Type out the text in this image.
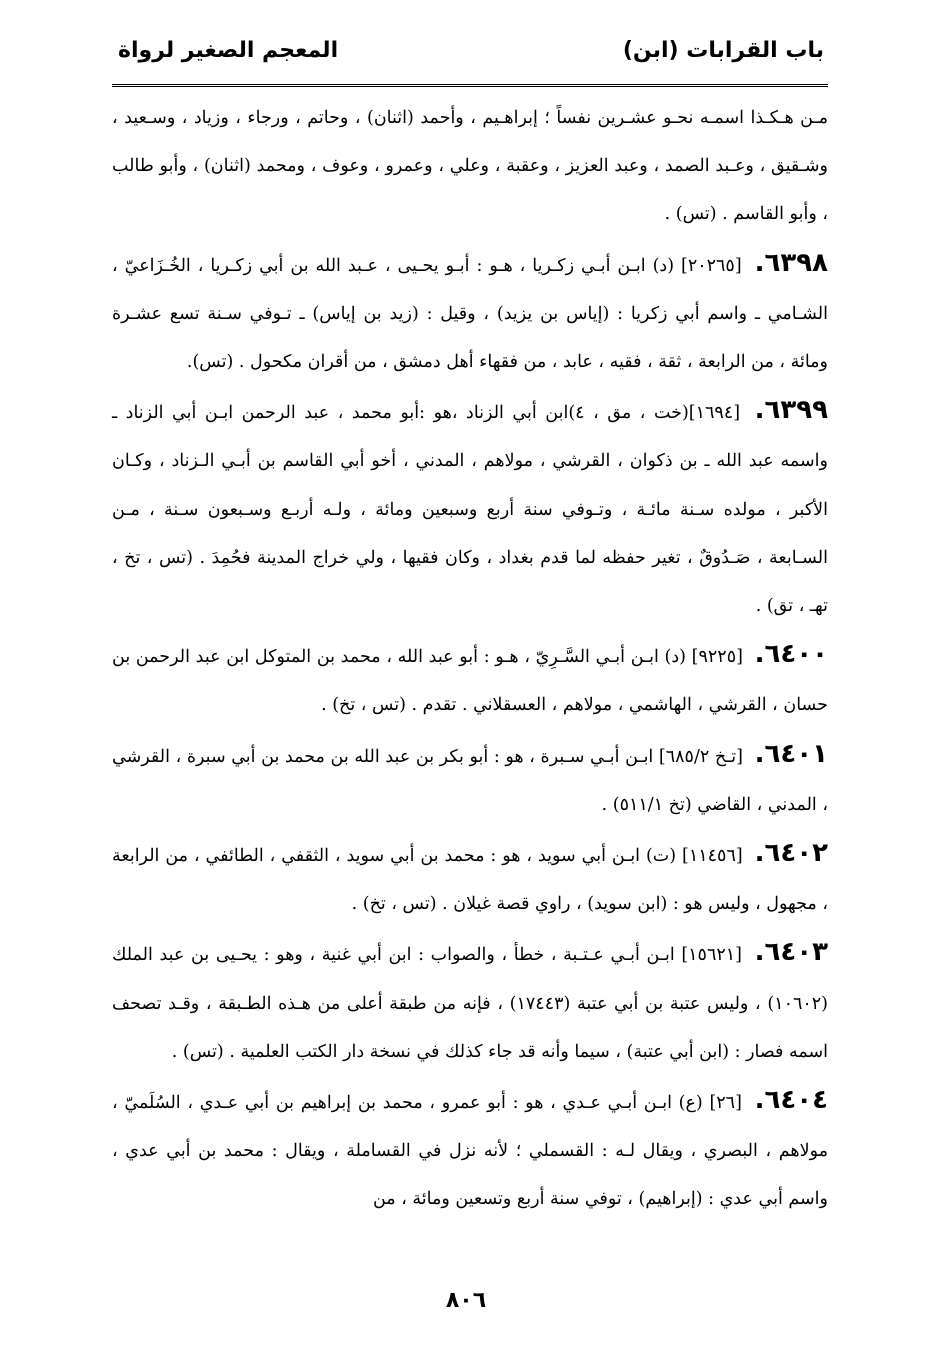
باب القرابات (ابن)
المعجم الصغير لرواة

مـن هـكـذا اسمـه نحـو عشـرين نفساً ؛ إبراهـيم ، وأحمد (اثنان) ، وحاتم ، ورجاء ، وزياد ، وسـعيد ، وشـقيق ، وعـبد الصمد ، وعبد العزيز ، وعقبة ، وعلي ، وعمرو ، وعوف ، ومحمد (اثنان) ، وأبو طالب ، وأبو القاسم . (تس) .

٦٣٩٨. [٢٠٢٦٥] (د) ابـن أبـي زكـريا ، هـو : أبـو يحـيى ، عـبد الله بن أبي زكـريا ، الخُـزَاعيّ ، الشـامي ـ واسم أبي زكريا : (إياس بن يزيد) ، وقيل : (زيد بن إياس) ـ تـوفي سـنة تسع عشـرة ومائة ، من الرابعة ، ثقة ، فقيه ، عابد ، من فقهاء أهل دمشق ، من أقران مكحول . (تس).

٦٣٩٩. [١٦٩٤](خت ، مق ، ٤)ابن أبي الزناد ،هو :أبو محمد ، عبد الرحمن ابـن أبي الزناد ـ واسمه عبد الله ـ بن ذكوان ، القرشي ، مولاهم ، المدني ، أخو أبي القاسم بن أبـي الـزناد ، وكـان الأكبر ، مولده سـنة مائـة ، وتـوفي سنة أربع وسبعين ومائة ، ولـه أربـع وسـبعون سـنة ، مـن السـابعة ، صَـدُوقٌ ، تغير حفظه لما قدم بغداد ، وكان فقيها ، ولي خراج المدينة فحُمِدَ . (تس ، تخ ، تهـ ، تق) .

٦٤٠٠. [٩٢٢٥] (د) ابـن أبـي السَّـرِيّ ، هـو : أبو عبد الله ، محمد بن المتوكل ابن عبد الرحمن بن حسان ، القرشي ، الهاشمي ، مولاهم ، العسقلاني . تقدم . (تس ، تخ) .

٦٤٠١. [تـخ ٦٨٥/٢] ابـن أبـي سـبرة ، هو : أبو بكر بن عبد الله بن محمد بن أبي سبرة ، القرشي ، المدني ، القاضي (تخ ٥١١/١) .

٦٤٠٢. [١١٤٥٦] (ت) ابـن أبي سويد ، هو : محمد بن أبي سويد ، الثقفي ، الطائفي ، من الرابعة ، مجهول ، وليس هو : (ابن سويد) ، راوي قصة غيلان . (تس ، تخ) .

٦٤٠٣. [١٥٦٢١] ابـن أبـي عـتـبة ، خطأ ، والصواب : ابن أبي غنية ، وهو : يحـيى بن عبد الملك (١٠٦٠٢) ، وليس عتبة بن أبي عتبة (١٧٤٤٣) ، فإنه من طبقة أعلى من هـذه الطـبقة ، وقـد تصحف اسمه فصار : (ابن أبي عتبة) ، سيما وأنه قد جاء كذلك في نسخة دار الكتب العلمية . (تس) .

٦٤٠٤. [٢٦] (ع) ابـن أبـي عـدي ، هو : أبو عمرو ، محمد بن إبراهيم بن أبي عـدي ، السُلَميّ ، مولاهم ، البصري ، ويقال لـه : القسملي ؛ لأنه نزل في القساملة ، ويقال : محمد بن أبي عدي ، واسم أبي عدي : (إبراهيم) ، توفي سنة أربع وتسعين ومائة ، من

٨٠٦
